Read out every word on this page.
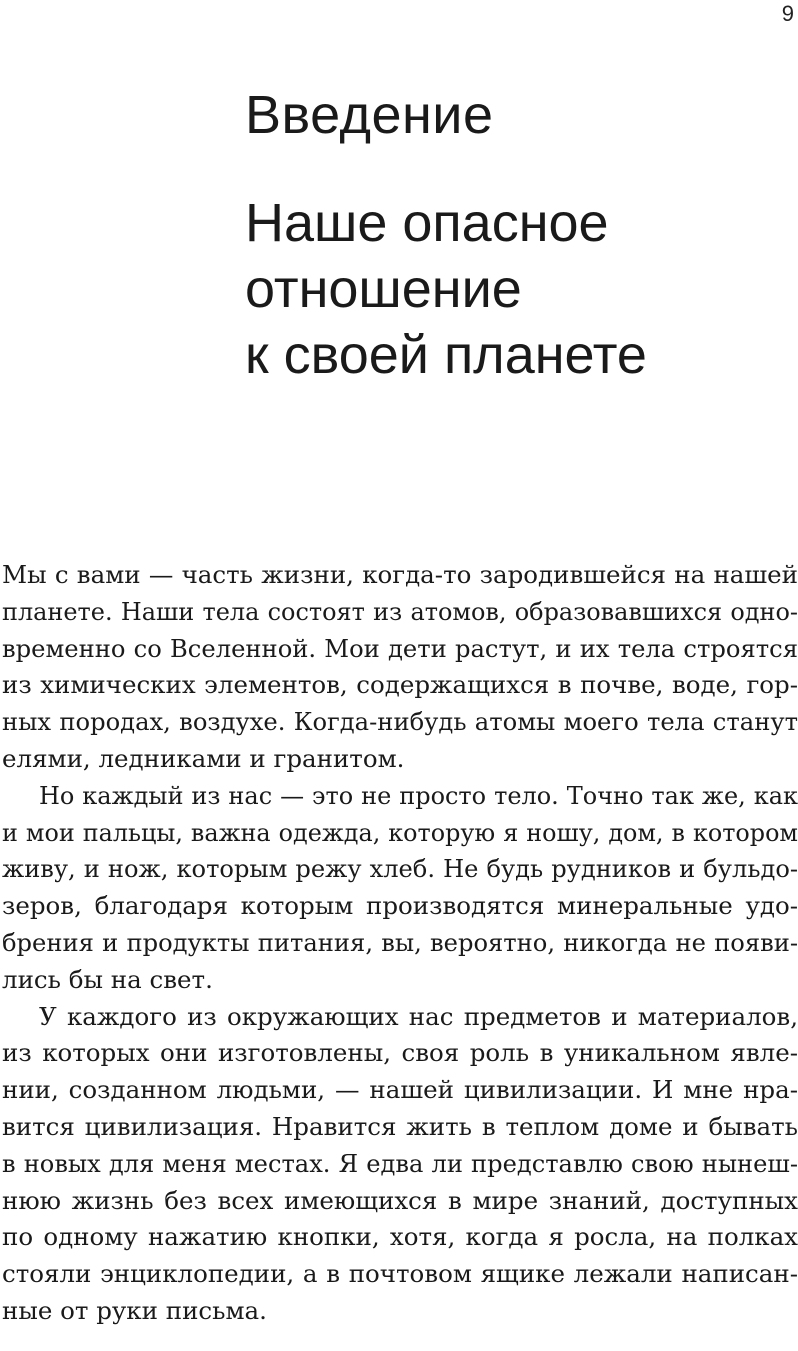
9
Введение
Наше опасное
отношение
к своей планете
Мы с вами — часть жизни, когда-то зародившейся на нашей
планете. Наши тела состоят из атомов, образовавшихся одно-
временно со Вселенной. Мои дети растут, и их тела строятся
из химических элементов, содержащихся в почве, воде, гор-
ных породах, воздухе. Когда-нибудь атомы моего тела станут
елями, ледниками и гранитом.
Но каждый из нас — это не просто тело. Точно так же, как
и мои пальцы, важна одежда, которую я ношу, дом, в котором
живу, и нож, которым режу хлеб. Не будь рудников и бульдо-
зеров, благодаря которым производятся минеральные удо-
брения и продукты питания, вы, вероятно, никогда не появи-
лись бы на свет.
У каждого из окружающих нас предметов и материалов,
из которых они изготовлены, своя роль в уникальном явле-
нии, созданном людьми, — нашей цивилизации. И мне нра-
вится цивилизация. Нравится жить в теплом доме и бывать
в новых для меня местах. Я едва ли представлю свою нынеш-
нюю жизнь без всех имеющихся в мире знаний, доступных
по одному нажатию кнопки, хотя, когда я росла, на полках
стояли энциклопедии, а в почтовом ящике лежали написан-
ные от руки письма.
